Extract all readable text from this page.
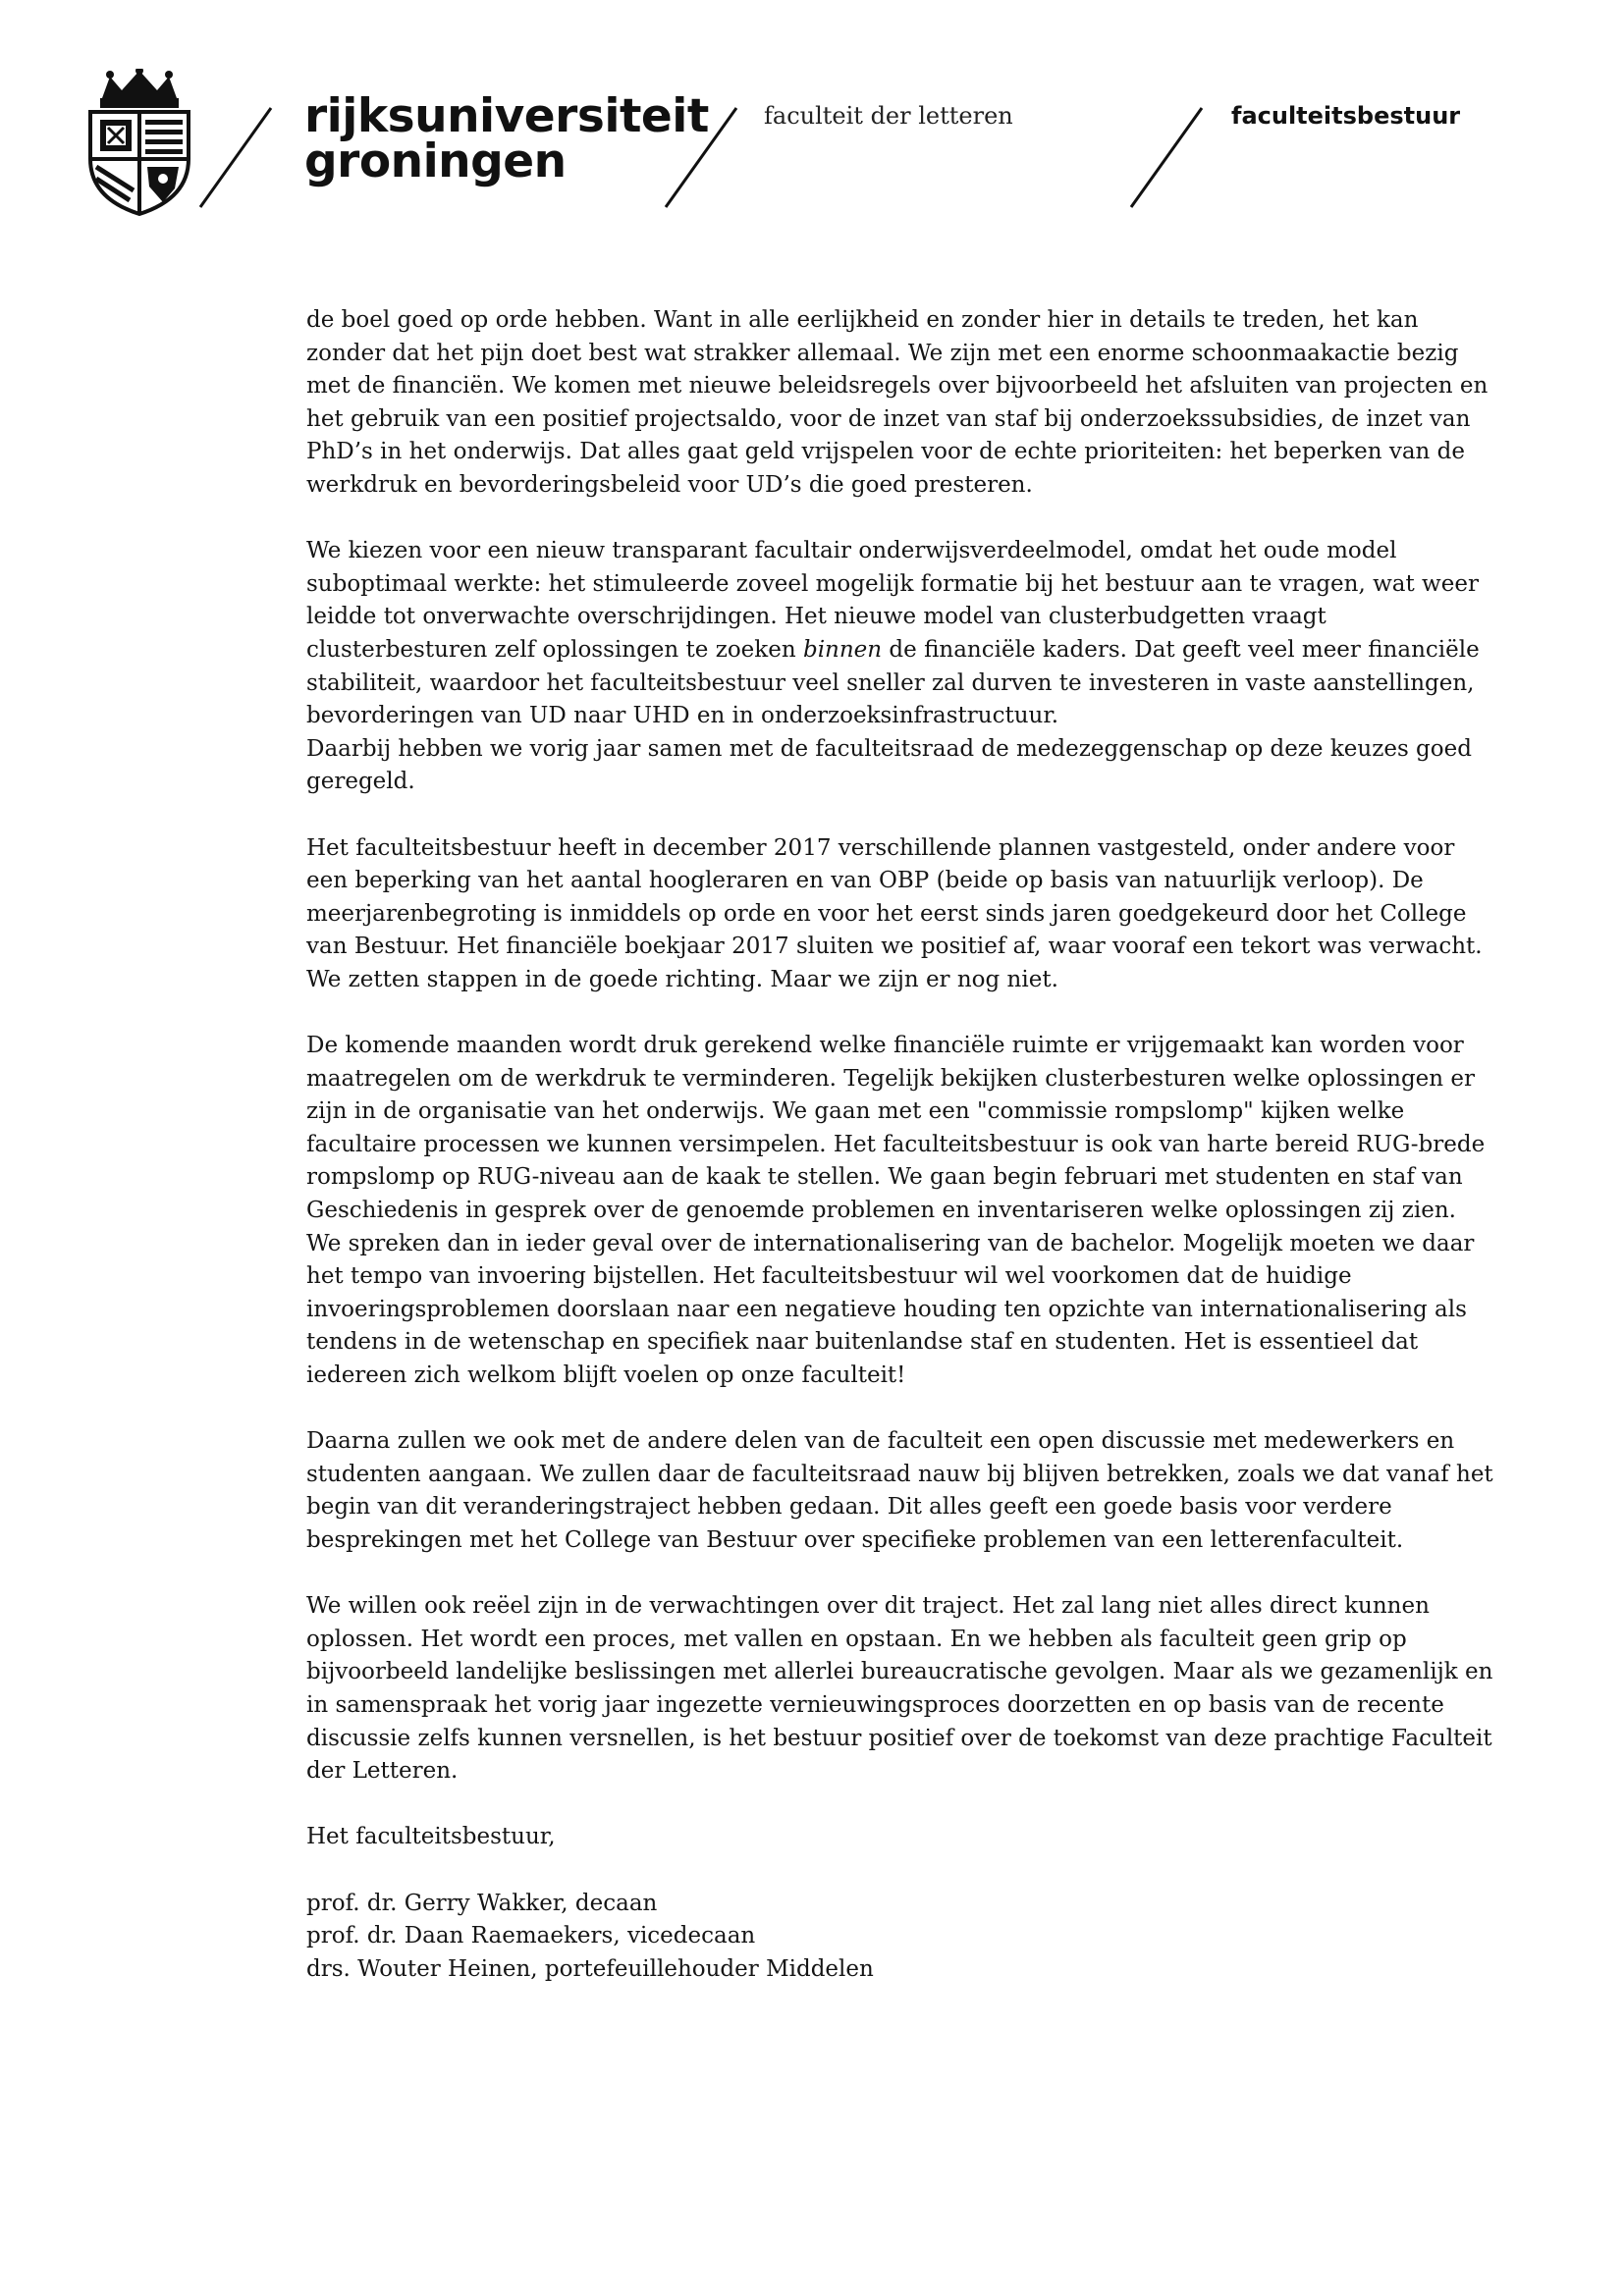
rijksuniversiteit
groningen
faculteit der letteren	faculteitsbestuur

de boel goed op orde hebben. Want in alle eerlijkheid en zonder hier in details te treden, het kan zonder dat het pijn doet best wat strakker allemaal. We zijn met een enorme schoonmaakactie bezig met de financiën. We komen met nieuwe beleidsregels over bijvoorbeeld het afsluiten van projecten en het gebruik van een positief projectsaldo, voor de inzet van staf bij onderzoekssubsidies, de inzet van PhD’s in het onderwijs. Dat alles gaat geld vrijspelen voor de echte prioriteiten: het beperken van de werkdruk en bevorderingsbeleid voor UD’s die goed presteren.

We kiezen voor een nieuw transparant facultair onderwijsverdeelmodel, omdat het oude model suboptimaal werkte: het stimuleerde zoveel mogelijk formatie bij het bestuur aan te vragen, wat weer leidde tot onverwachte overschrijdingen. Het nieuwe model van clusterbudgetten vraagt clusterbesturen zelf oplossingen te zoeken binnen de financiële kaders. Dat geeft veel meer financiële stabiliteit, waardoor het faculteitsbestuur veel sneller zal durven te investeren in vaste aanstellingen, bevorderingen van UD naar UHD en in onderzoeksinfrastructuur.

Daarbij hebben we vorig jaar samen met de faculteitsraad de medezeggenschap op deze keuzes goed geregeld.

Het faculteitsbestuur heeft in december 2017 verschillende plannen vastgesteld, onder andere voor een beperking van het aantal hoogleraren en van OBP (beide op basis van natuurlijk verloop). De meerjarenbegroting is inmiddels op orde en voor het eerst sinds jaren goedgekeurd door het College van Bestuur. Het financiële boekjaar 2017 sluiten we positief af, waar vooraf een tekort was verwacht. We zetten stappen in de goede richting. Maar we zijn er nog niet.

De komende maanden wordt druk gerekend welke financiële ruimte er vrijgemaakt kan worden voor maatregelen om de werkdruk te verminderen. Tegelijk bekijken clusterbesturen welke oplossingen er zijn in de organisatie van het onderwijs. We gaan met een "commissie rompslomp" kijken welke facultaire processen we kunnen versimpelen. Het faculteitsbestuur is ook van harte bereid RUG-brede rompslomp op RUG-niveau aan de kaak te stellen. We gaan begin februari met studenten en staf van Geschiedenis in gesprek over de genoemde problemen en inventariseren welke oplossingen zij zien. We spreken dan in ieder geval over de internationalisering van de bachelor. Mogelijk moeten we daar het tempo van invoering bijstellen. Het faculteitsbestuur wil wel voorkomen dat de huidige invoeringsproblemen doorslaan naar een negatieve houding ten opzichte van internationalisering als tendens in de wetenschap en specifiek naar buitenlandse staf en studenten. Het is essentieel dat iedereen zich welkom blijft voelen op onze faculteit!

Daarna zullen we ook met de andere delen van de faculteit een open discussie met medewerkers en studenten aangaan. We zullen daar de faculteitsraad nauw bij blijven betrekken, zoals we dat vanaf het begin van dit veranderingstraject hebben gedaan. Dit alles geeft een goede basis voor verdere besprekingen met het College van Bestuur over specifieke problemen van een letterenfaculteit.

We willen ook reëel zijn in de verwachtingen over dit traject. Het zal lang niet alles direct kunnen oplossen. Het wordt een proces, met vallen en opstaan. En we hebben als faculteit geen grip op bijvoorbeeld landelijke beslissingen met allerlei bureaucratische gevolgen. Maar als we gezamenlijk en in samenspraak het vorig jaar ingezette vernieuwingsproces doorzetten en op basis van de recente discussie zelfs kunnen versnellen, is het bestuur positief over de toekomst van deze prachtige Faculteit der Letteren.

Het faculteitsbestuur,

prof. dr. Gerry Wakker, decaan
prof. dr. Daan Raemaekers, vicedecaan
drs. Wouter Heinen, portefeuillehouder Middelen
